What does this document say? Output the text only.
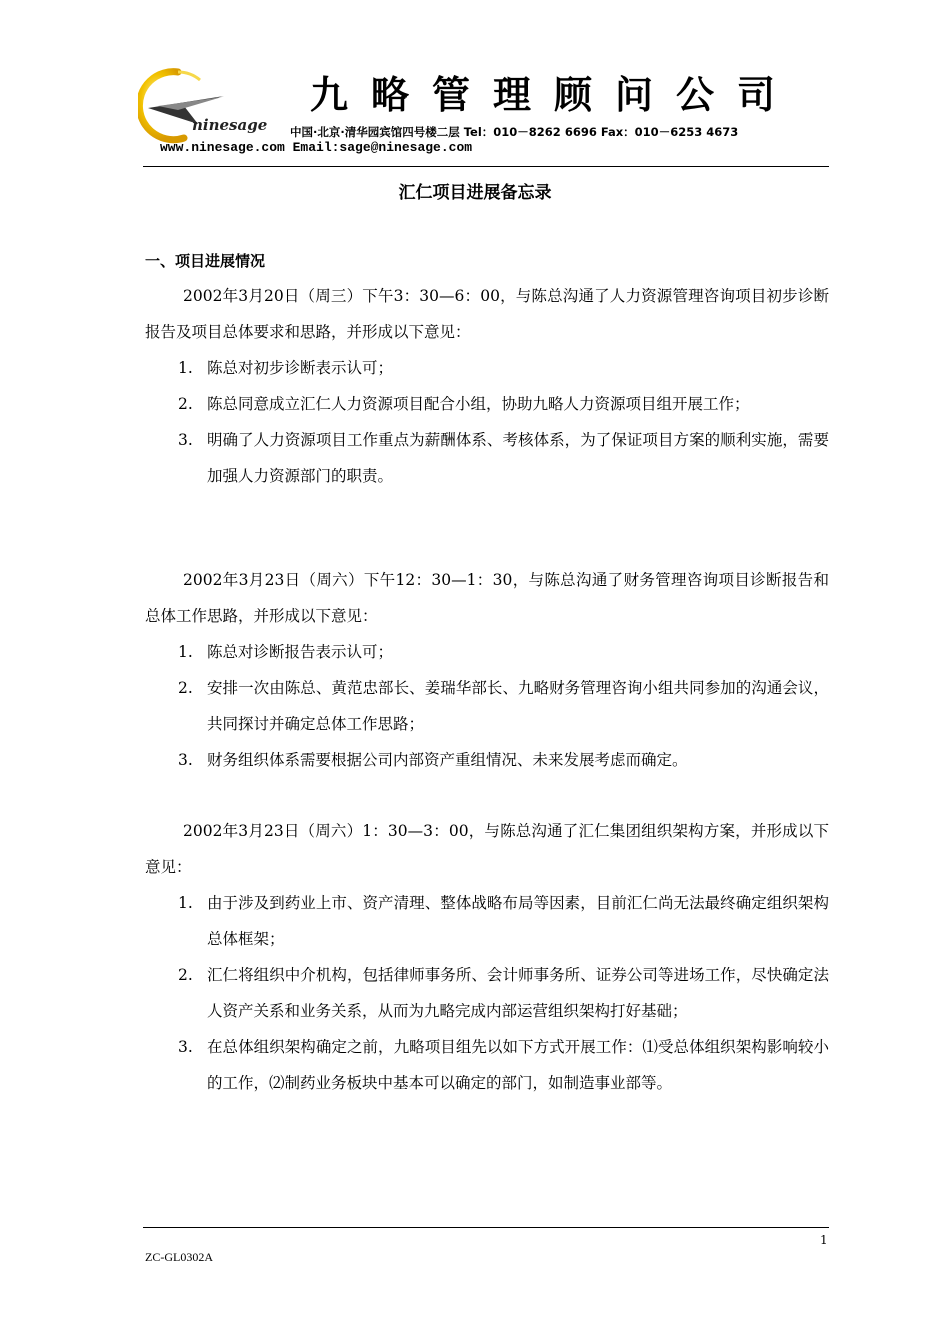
ninesage
九略管理顾问公司
中国·北京·清华园宾馆四号楼二层 Tel：010－8262 6696 Fax：010－6253 4673
www.ninesage.com Email:sage@ninesage.com
汇仁项目进展备忘录
一、项目进展情况

2002年3月20日（周三）下午3：30—6：00，与陈总沟通了人力资源管理咨询项目初步诊断报告及项目总体要求和思路，并形成以下意见：

1. 陈总对初步诊断表示认可；
2. 陈总同意成立汇仁人力资源项目配合小组，协助九略人力资源项目组开展工作；
3. 明确了人力资源项目工作重点为薪酬体系、考核体系，为了保证项目方案的顺利实施，需要加强人力资源部门的职责。

2002年3月23日（周六）下午12：30—1：30，与陈总沟通了财务管理咨询项目诊断报告和总体工作思路，并形成以下意见：

1. 陈总对诊断报告表示认可；
2. 安排一次由陈总、黄范忠部长、姜瑞华部长、九略财务管理咨询小组共同参加的沟通会议，共同探讨并确定总体工作思路；
3. 财务组织体系需要根据公司内部资产重组情况、未来发展考虑而确定。

2002年3月23日（周六）1：30—3：00，与陈总沟通了汇仁集团组织架构方案，并形成以下意见：

1. 由于涉及到药业上市、资产清理、整体战略布局等因素，目前汇仁尚无法最终确定组织架构总体框架；
2. 汇仁将组织中介机构，包括律师事务所、会计师事务所、证券公司等进场工作，尽快确定法人资产关系和业务关系，从而为九略完成内部运营组织架构打好基础；
3. 在总体组织架构确定之前，九略项目组先以如下方式开展工作：⑴受总体组织架构影响较小的工作，⑵制药业务板块中基本可以确定的部门，如制造事业部等。
1
ZC-GL0302A
